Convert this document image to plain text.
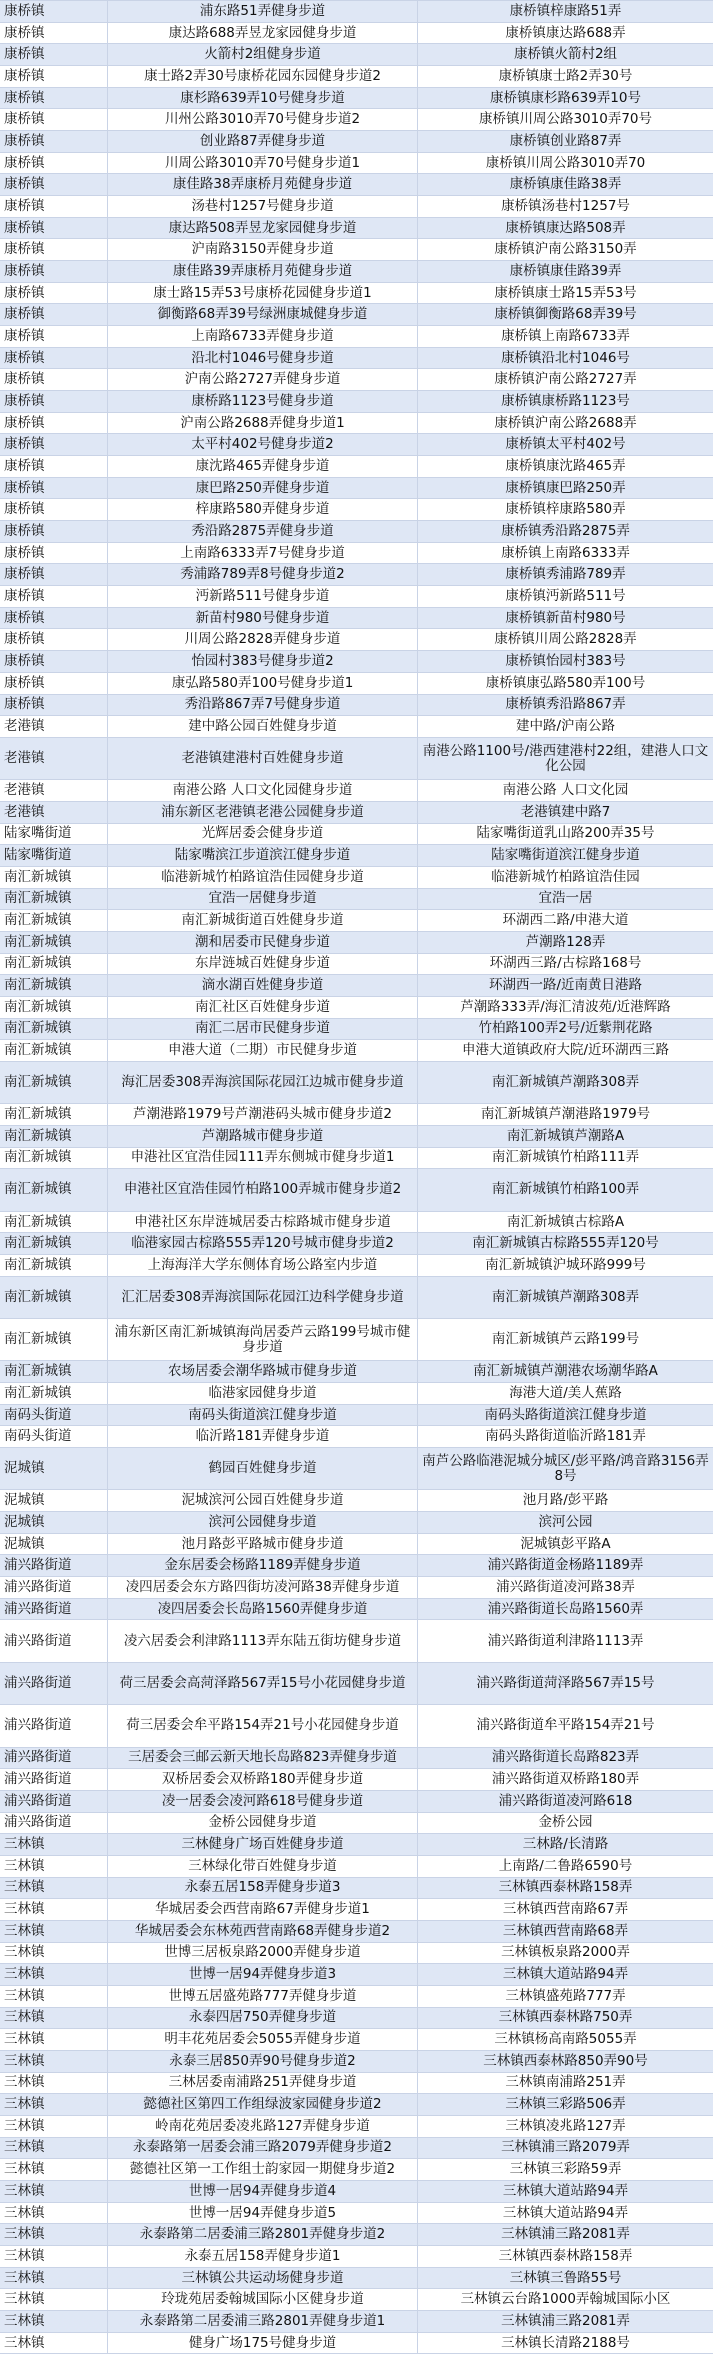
康桥镇	浦东路51弄健身步道	康桥镇梓康路51弄
康桥镇	康达路688弄昱龙家园健身步道	康桥镇康达路688弄
康桥镇	火箭村2组健身步道	康桥镇火箭村2组
康桥镇	康士路2弄30号康桥花园东园健身步道2	康桥镇康士路2弄30号
康桥镇	康杉路639弄10号健身步道	康桥镇康杉路639弄10号
康桥镇	川州公路3010弄70号健身步道2	康桥镇川周公路3010弄70号
康桥镇	创业路87弄健身步道	康桥镇创业路87弄
康桥镇	川周公路3010弄70号健身步道1	康桥镇川周公路3010弄70
康桥镇	康佳路38弄康桥月苑健身步道	康桥镇康佳路38弄
康桥镇	汤巷村1257号健身步道	康桥镇汤巷村1257号
康桥镇	康达路508弄昱龙家园健身步道	康桥镇康达路508弄
康桥镇	沪南路3150弄健身步道	康桥镇沪南公路3150弄
康桥镇	康佳路39弄康桥月苑健身步道	康桥镇康佳路39弄
康桥镇	康士路15弄53号康桥花园健身步道1	康桥镇康士路15弄53号
康桥镇	御衡路68弄39号绿洲康城健身步道	康桥镇御衡路68弄39号
康桥镇	上南路6733弄健身步道	康桥镇上南路6733弄
康桥镇	沿北村1046号健身步道	康桥镇沿北村1046号
康桥镇	沪南公路2727弄健身步道	康桥镇沪南公路2727弄
康桥镇	康桥路1123号健身步道	康桥镇康桥路1123号
康桥镇	沪南公路2688弄健身步道1	康桥镇沪南公路2688弄
康桥镇	太平村402号健身步道2	康桥镇太平村402号
康桥镇	康沈路465弄健身步道	康桥镇康沈路465弄
康桥镇	康巴路250弄健身步道	康桥镇康巴路250弄
康桥镇	梓康路580弄健身步道	康桥镇梓康路580弄
康桥镇	秀沿路2875弄健身步道	康桥镇秀沿路2875弄
康桥镇	上南路6333弄7号健身步道	康桥镇上南路6333弄
康桥镇	秀浦路789弄8号健身步道2	康桥镇秀浦路789弄
康桥镇	沔新路511号健身步道	康桥镇沔新路511号
康桥镇	新苗村980号健身步道	康桥镇新苗村980号
康桥镇	川周公路2828弄健身步道	康桥镇川周公路2828弄
康桥镇	怡园村383号健身步道2	康桥镇怡园村383号
康桥镇	康弘路580弄100号健身步道1	康桥镇康弘路580弄100号
康桥镇	秀沿路867弄7号健身步道	康桥镇秀沿路867弄
老港镇	建中路公园百姓健身步道	建中路/沪南公路
老港镇	老港镇建港村百姓健身步道	南港公路1100号/港西建港村22组，建港人口文化公园
老港镇	南港公路 人口文化园健身步道	南港公路 人口文化园
老港镇	浦东新区老港镇老港公园健身步道	老港镇建中路7
陆家嘴街道	光辉居委会健身步道	陆家嘴街道乳山路200弄35号
陆家嘴街道	陆家嘴滨江步道滨江健身步道	陆家嘴街道滨江健身步道
南汇新城镇	临港新城竹柏路谊浩佳园健身步道	临港新城竹柏路谊浩佳园
南汇新城镇	宜浩一居健身步道	宜浩一居
南汇新城镇	南汇新城街道百姓健身步道	环湖西二路/申港大道
南汇新城镇	潮和居委市民健身步道	芦潮路128弄
南汇新城镇	东岸涟城百姓健身步道	环湖西三路/古棕路168号
南汇新城镇	滴水湖百姓健身步道	环湖西一路/近南黄日港路
南汇新城镇	南汇社区百姓健身步道	芦潮路333弄/海汇清波苑/近港辉路
南汇新城镇	南汇二居市民健身步道	竹柏路100弄2号/近紫荆花路
南汇新城镇	申港大道（二期）市民健身步道	申港大道镇政府大院/近环湖西三路
南汇新城镇	海汇居委308弄海滨国际花园江边城市健身步道	南汇新城镇芦潮路308弄
南汇新城镇	芦潮港路1979号芦潮港码头城市健身步道2	南汇新城镇芦潮港路1979号
南汇新城镇	芦潮路城市健身步道	南汇新城镇芦潮路A
南汇新城镇	申港社区宜浩佳园111弄东侧城市健身步道1	南汇新城镇竹柏路111弄
南汇新城镇	申港社区宜浩佳园竹柏路100弄城市健身步道2	南汇新城镇竹柏路100弄
南汇新城镇	申港社区东岸涟城居委古棕路城市健身步道	南汇新城镇古棕路A
南汇新城镇	临港家园古棕路555弄120号城市健身步道2	南汇新城镇古棕路555弄120号
南汇新城镇	上海海洋大学东侧体育场公路室内步道	南汇新城镇沪城环路999号
南汇新城镇	汇汇居委308弄海滨国际花园江边科学健身步道	南汇新城镇芦潮路308弄
南汇新城镇	浦东新区南汇新城镇海尚居委芦云路199号城市健身步道	南汇新城镇芦云路199号
南汇新城镇	农场居委会潮华路城市健身步道	南汇新城镇芦潮港农场潮华路A
南汇新城镇	临港家园健身步道	海港大道/美人蕉路
南码头街道	南码头街道滨江健身步道	南码头路街道滨江健身步道
南码头街道	临沂路181弄健身步道	南码头路街道临沂路181弄
泥城镇	鹤园百姓健身步道	南芦公路临港泥城分城区/彭平路/鸿音路3156弄8号
泥城镇	泥城滨河公园百姓健身步道	池月路/彭平路
泥城镇	滨河公园健身步道	滨河公园
泥城镇	池月路彭平路城市健身步道	泥城镇彭平路A
浦兴路街道	金东居委会杨路1189弄健身步道	浦兴路街道金杨路1189弄
浦兴路街道	凌四居委会东方路四街坊凌河路38弄健身步道	浦兴路街道凌河路38弄
浦兴路街道	凌四居委会长岛路1560弄健身步道	浦兴路街道长岛路1560弄
浦兴路街道	凌六居委会利津路1113弄东陆五街坊健身步道	浦兴路街道利津路1113弄
浦兴路街道	荷三居委会高菏泽路567弄15号小花园健身步道	浦兴路街道菏泽路567弄15号
浦兴路街道	荷三居委会牟平路154弄21号小花园健身步道	浦兴路街道牟平路154弄21号
浦兴路街道	三居委会三邮云新天地长岛路823弄健身步道	浦兴路街道长岛路823弄
浦兴路街道	双桥居委会双桥路180弄健身步道	浦兴路街道双桥路180弄
浦兴路街道	凌一居委会凌河路618号健身步道	浦兴路街道凌河路618
浦兴路街道	金桥公园健身步道	金桥公园
三林镇	三林健身广场百姓健身步道	三林路/长清路
三林镇	三林绿化带百姓健身步道	上南路/二鲁路6590号
三林镇	永泰五居158弄健身步道3	三林镇西泰林路158弄
三林镇	华城居委会西营南路67弄健身步道1	三林镇西营南路67弄
三林镇	华城居委会东林苑西营南路68弄健身步道2	三林镇西营南路68弄
三林镇	世博三居板泉路2000弄健身步道	三林镇板泉路2000弄
三林镇	世博一居94弄健身步道3	三林镇大道站路94弄
三林镇	世博五居盛苑路777弄健身步道	三林镇盛苑路777弄
三林镇	永泰四居750弄健身步道	三林镇西泰林路750弄
三林镇	明丰花苑居委会5055弄健身步道	三林镇杨高南路5055弄
三林镇	永泰三居850弄90号健身步道2	三林镇西泰林路850弄90号
三林镇	三林居委南浦路251弄健身步道	三林镇南浦路251弄
三林镇	懿德社区第四工作组绿波家园健身步道2	三林镇三彩路506弄
三林镇	岭南花苑居委凌兆路127弄健身步道	三林镇凌兆路127弄
三林镇	永泰路第一居委会浦三路2079弄健身步道2	三林镇浦三路2079弄
三林镇	懿德社区第一工作组士韵家园一期健身步道2	三林镇三彩路59弄
三林镇	世博一居94弄健身步道4	三林镇大道站路94弄
三林镇	世博一居94弄健身步道5	三林镇大道站路94弄
三林镇	永泰路第二居委浦三路2801弄健身步道2	三林镇浦三路2081弄
三林镇	永泰五居158弄健身步道1	三林镇西泰林路158弄
三林镇	三林镇公共运动场健身步道	三林镇三鲁路55号
三林镇	玲珑苑居委翰城国际小区健身步道	三林镇云台路1000弄翰城国际小区
三林镇	永泰路第二居委浦三路2801弄健身步道1	三林镇浦三路2081弄
三林镇	健身广场175号健身步道	三林镇长清路2188号
